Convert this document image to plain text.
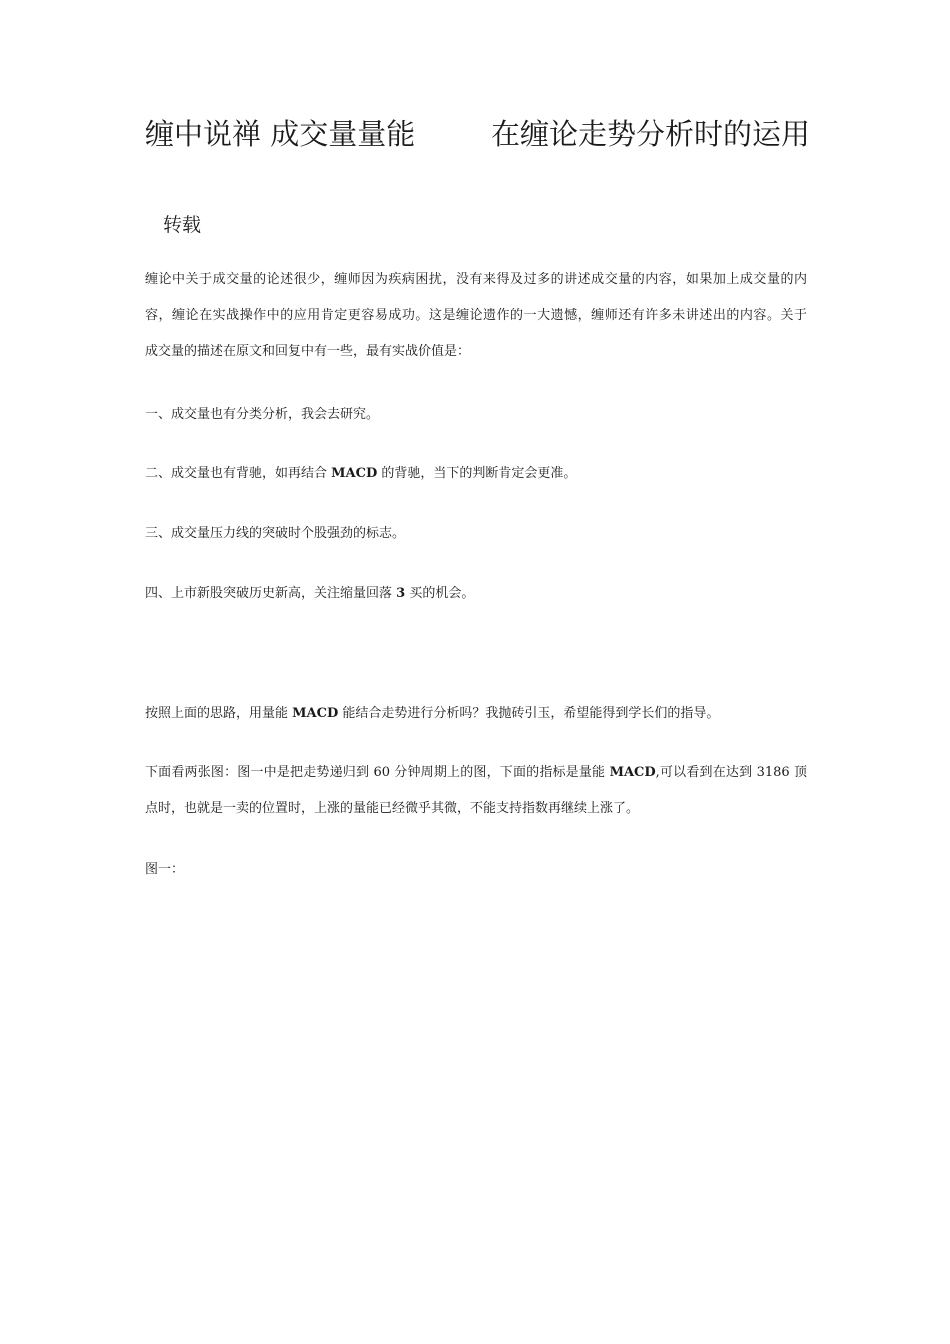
缠中说禅 成交量量能	在缠论走势分析时的运用

转载

缠论中关于成交量的论述很少，缠师因为疾病困扰，没有来得及过多的讲述成交量的内容，如果加上成交量的内
容，缠论在实战操作中的应用肯定更容易成功。这是缠论遗作的一大遗憾，缠师还有许多未讲述出的内容。关于
成交量的描述在原文和回复中有一些，最有实战价值是：
一、成交量也有分类分析，我会去研究。
二、成交量也有背驰，如再结合 MACD 的背驰，当下的判断肯定会更准。
三、成交量压力线的突破时个股强劲的标志。
四、上市新股突破历史新高，关注缩量回落 3 买的机会。
按照上面的思路，用量能 MACD 能结合走势进行分析吗？我抛砖引玉，希望能得到学长们的指导。
下面看两张图：图一中是把走势递归到 60 分钟周期上的图，下面的指标是量能 MACD,可以看到在达到 3186 顶
点时，也就是一卖的位置时，上涨的量能已经微乎其微，不能支持指数再继续上涨了。
图一：
